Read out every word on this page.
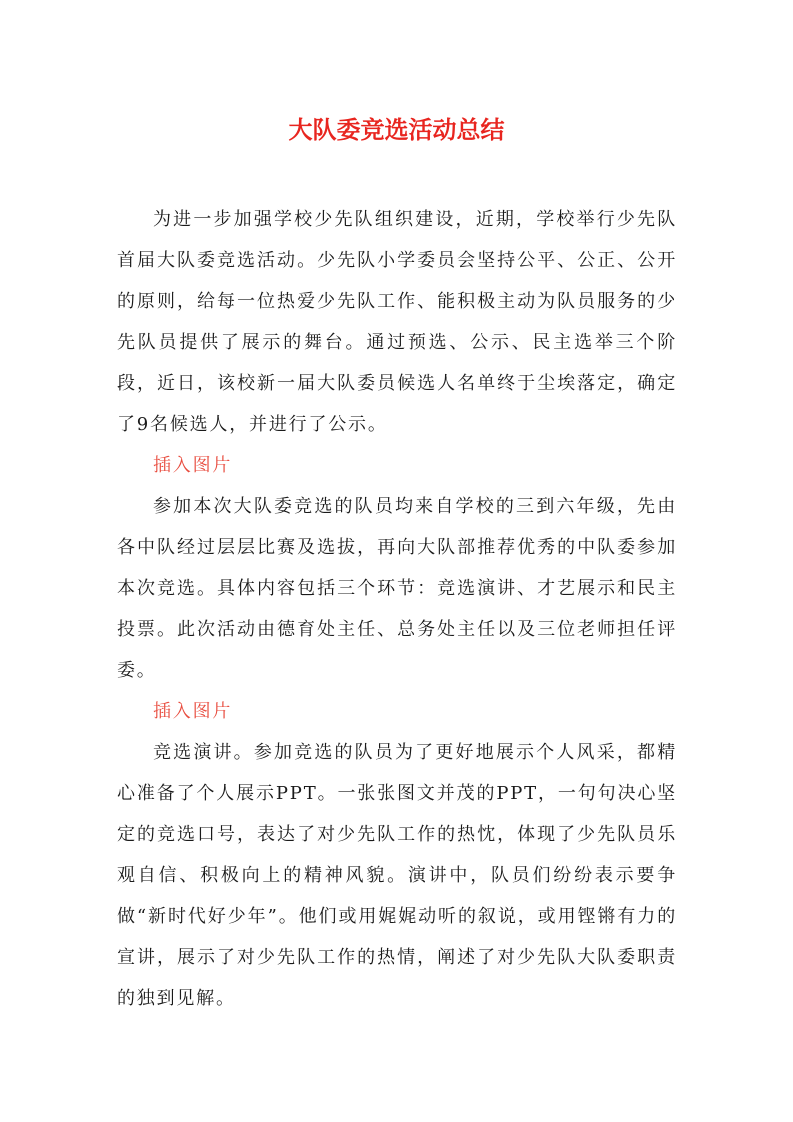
大队委竞选活动总结

为进一步加强学校少先队组织建设，近期，学校举行少先队首届大队委竞选活动。少先队小学委员会坚持公平、公正、公开的原则，给每一位热爱少先队工作、能积极主动为队员服务的少先队员提供了展示的舞台。通过预选、公示、民主选举三个阶段，近日，该校新一届大队委员候选人名单终于尘埃落定，确定了9名候选人，并进行了公示。

插入图片

参加本次大队委竞选的队员均来自学校的三到六年级，先由各中队经过层层比赛及选拔，再向大队部推荐优秀的中队委参加本次竞选。具体内容包括三个环节：竞选演讲、才艺展示和民主投票。此次活动由德育处主任、总务处主任以及三位老师担任评委。

插入图片

竞选演讲。参加竞选的队员为了更好地展示个人风采，都精心准备了个人展示PPT。一张张图文并茂的PPT，一句句决心坚定的竞选口号，表达了对少先队工作的热忱，体现了少先队员乐观自信、积极向上的精神风貌。演讲中，队员们纷纷表示要争做“新时代好少年”。他们或用娓娓动听的叙说，或用铿锵有力的宣讲，展示了对少先队工作的热情，阐述了对少先队大队委职责的独到见解。
